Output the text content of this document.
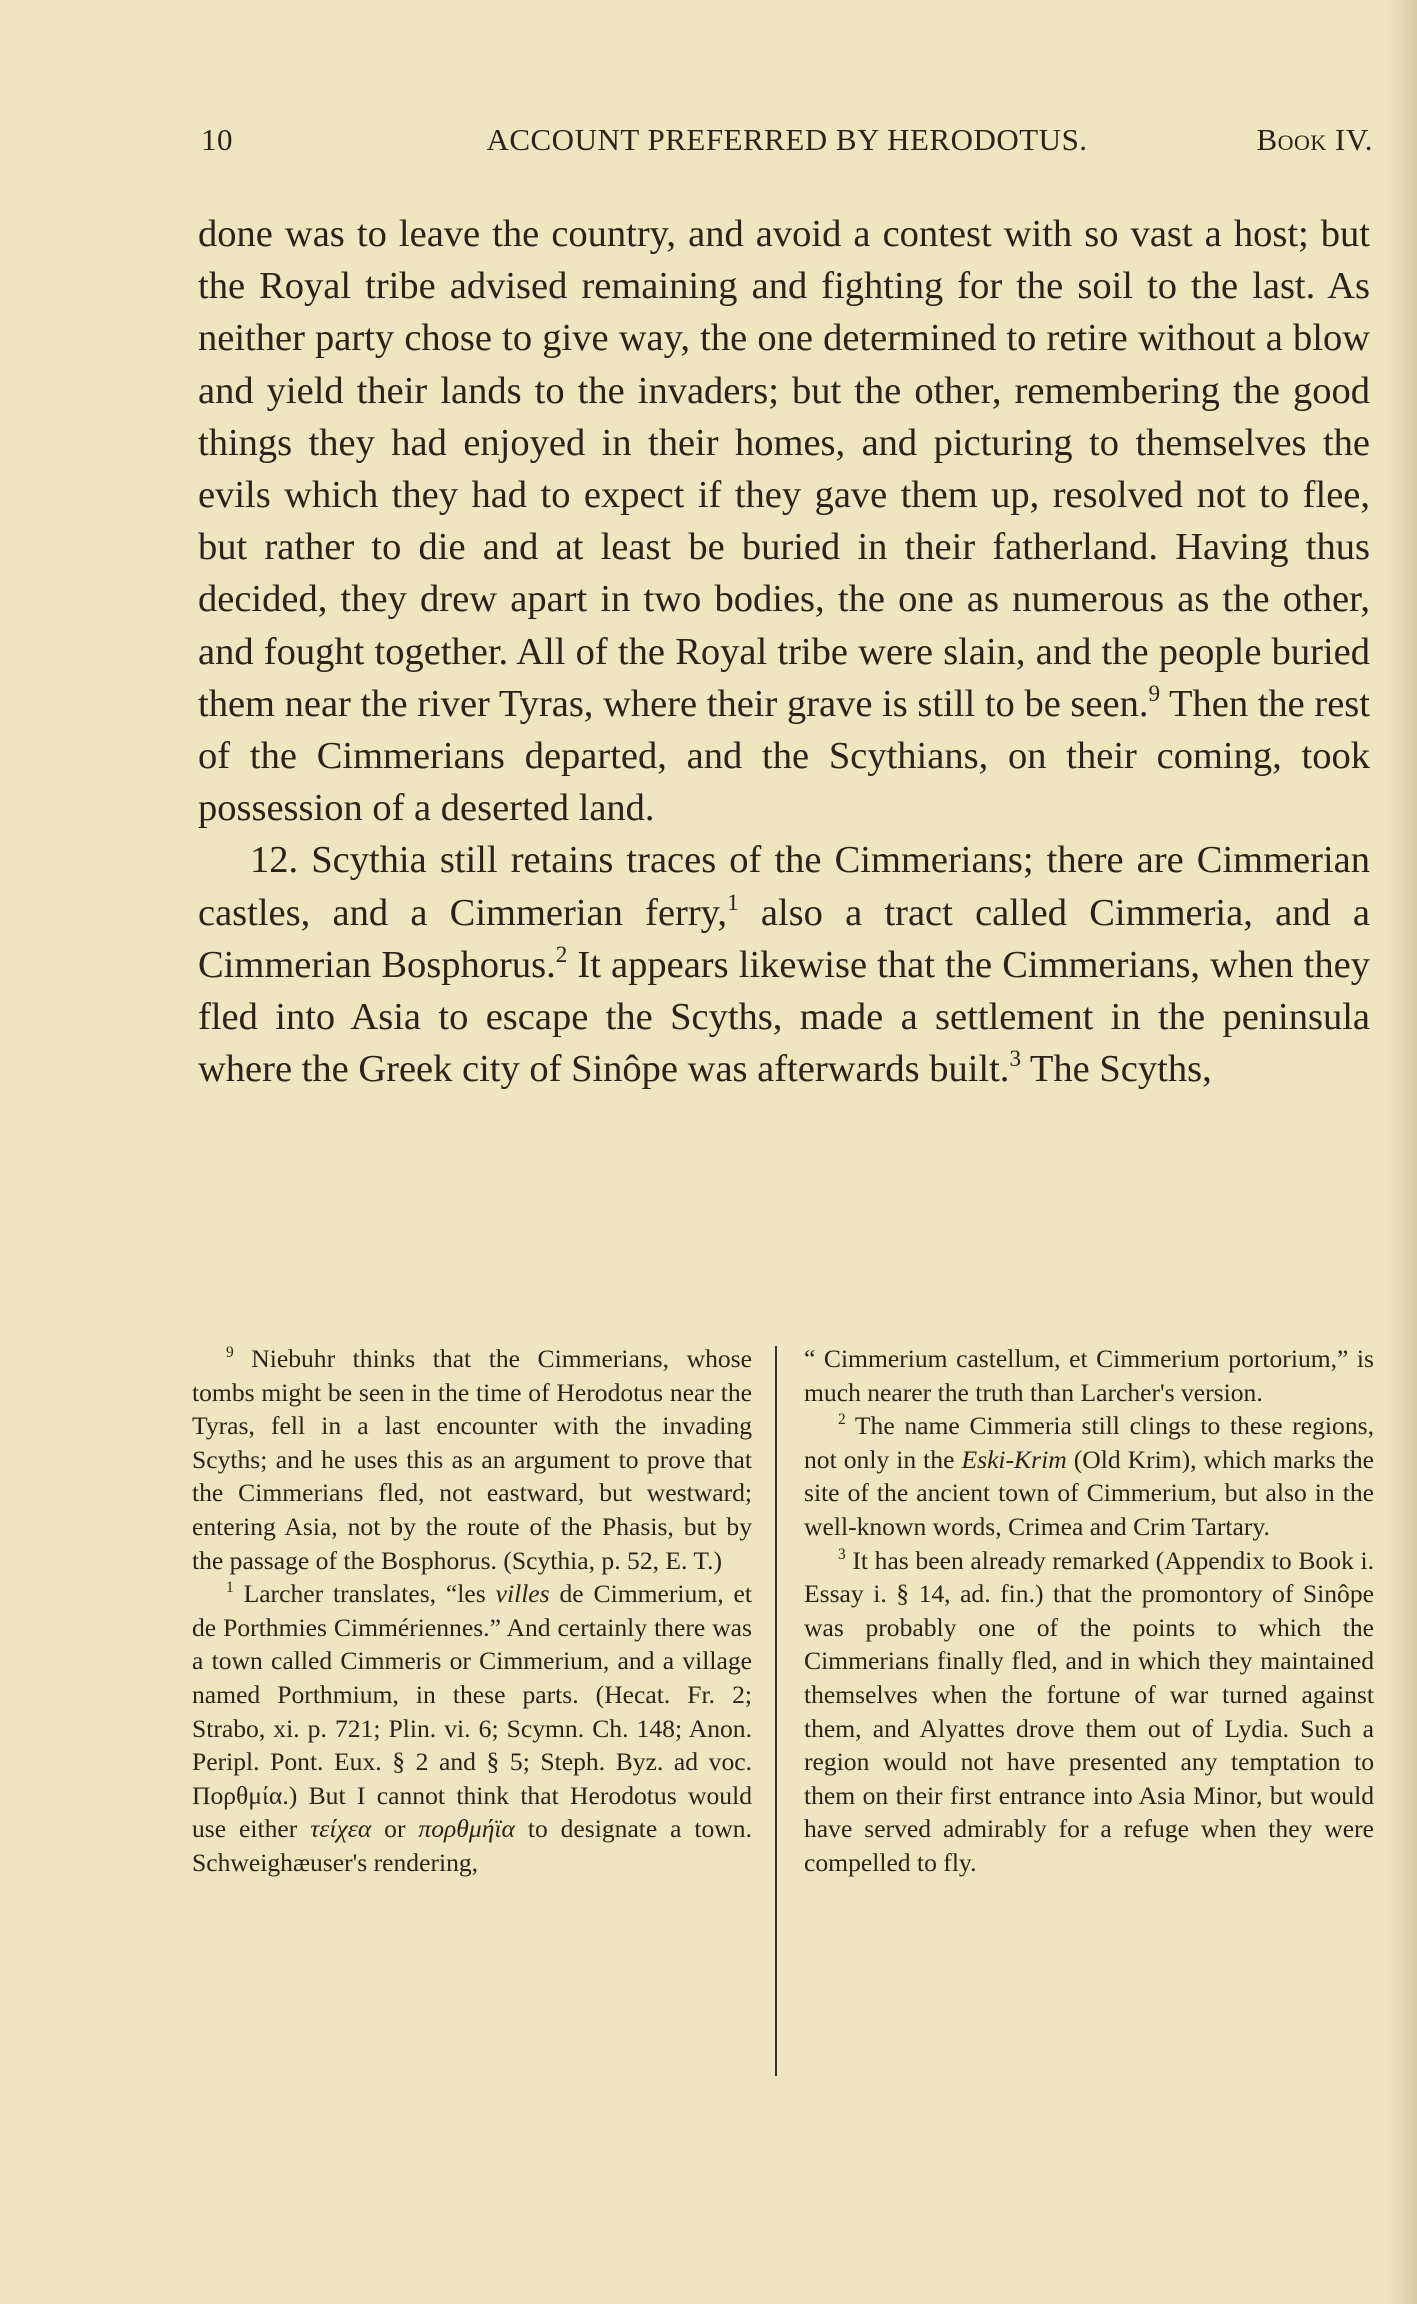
10	ACCOUNT PREFERRED BY HERODOTUS.	Book IV.

done was to leave the country, and avoid a contest with so vast a host; but the Royal tribe advised remaining and fighting for the soil to the last. As neither party chose to give way, the one determined to retire without a blow and yield their lands to the invaders; but the other, remembering the good things they had enjoyed in their homes, and picturing to themselves the evils which they had to expect if they gave them up, resolved not to flee, but rather to die and at least be buried in their fatherland. Having thus decided, they drew apart in two bodies, the one as numerous as the other, and fought together. All of the Royal tribe were slain, and the people buried them near the river Tyras, where their grave is still to be seen.$^9$ Then the rest of the Cimmerians departed, and the Scythians, on their coming, took possession of a deserted land.

12. Scythia still retains traces of the Cimmerians; there are Cimmerian castles, and a Cimmerian ferry,$^1$ also a tract called Cimmeria, and a Cimmerian Bosphorus.$^2$ It appears likewise that the Cimmerians, when they fled into Asia to escape the Scyths, made a settlement in the peninsula where the Greek city of Sinôpe was afterwards built.$^3$ The Scyths,

$^9$ Niebuhr thinks that the Cimmerians, whose tombs might be seen in the time of Herodotus near the Tyras, fell in a last encounter with the invading Scyths; and he uses this as an argument to prove that the Cimmerians fled, not eastward, but westward; entering Asia, not by the route of the Phasis, but by the passage of the Bosphorus. (Scythia, p. 52, E. T.)

$^1$ Larcher translates, “les villes de Cimmerium, et de Porthmies Cimmériennes.” And certainly there was a town called Cimmeris or Cimmerium, and a village named Porthmium, in these parts. (Hecat. Fr. 2; Strabo, xi. p. 721; Plin. vi. 6; Scymn. Ch. 148; Anon. Peripl. Pont. Eux. § 2 and § 5; Steph. Byz. ad voc. Πορθμία.) But I cannot think that Herodotus would use either τείχεα or πορθμήϊα to designate a town. Schweighæuser's rendering,

“ Cimmerium castellum, et Cimmerium portorium,” is much nearer the truth than Larcher's version.

$^2$ The name Cimmeria still clings to these regions, not only in the Eski-Krim (Old Krim), which marks the site of the ancient town of Cimmerium, but also in the well-known words, Crimea and Crim Tartary.

$^3$ It has been already remarked (Appendix to Book i. Essay i. § 14, ad. fin.) that the promontory of Sinôpe was probably one of the points to which the Cimmerians finally fled, and in which they maintained themselves when the fortune of war turned against them, and Alyattes drove them out of Lydia. Such a region would not have presented any temptation to them on their first entrance into Asia Minor, but would have served admirably for a refuge when they were compelled to fly.
